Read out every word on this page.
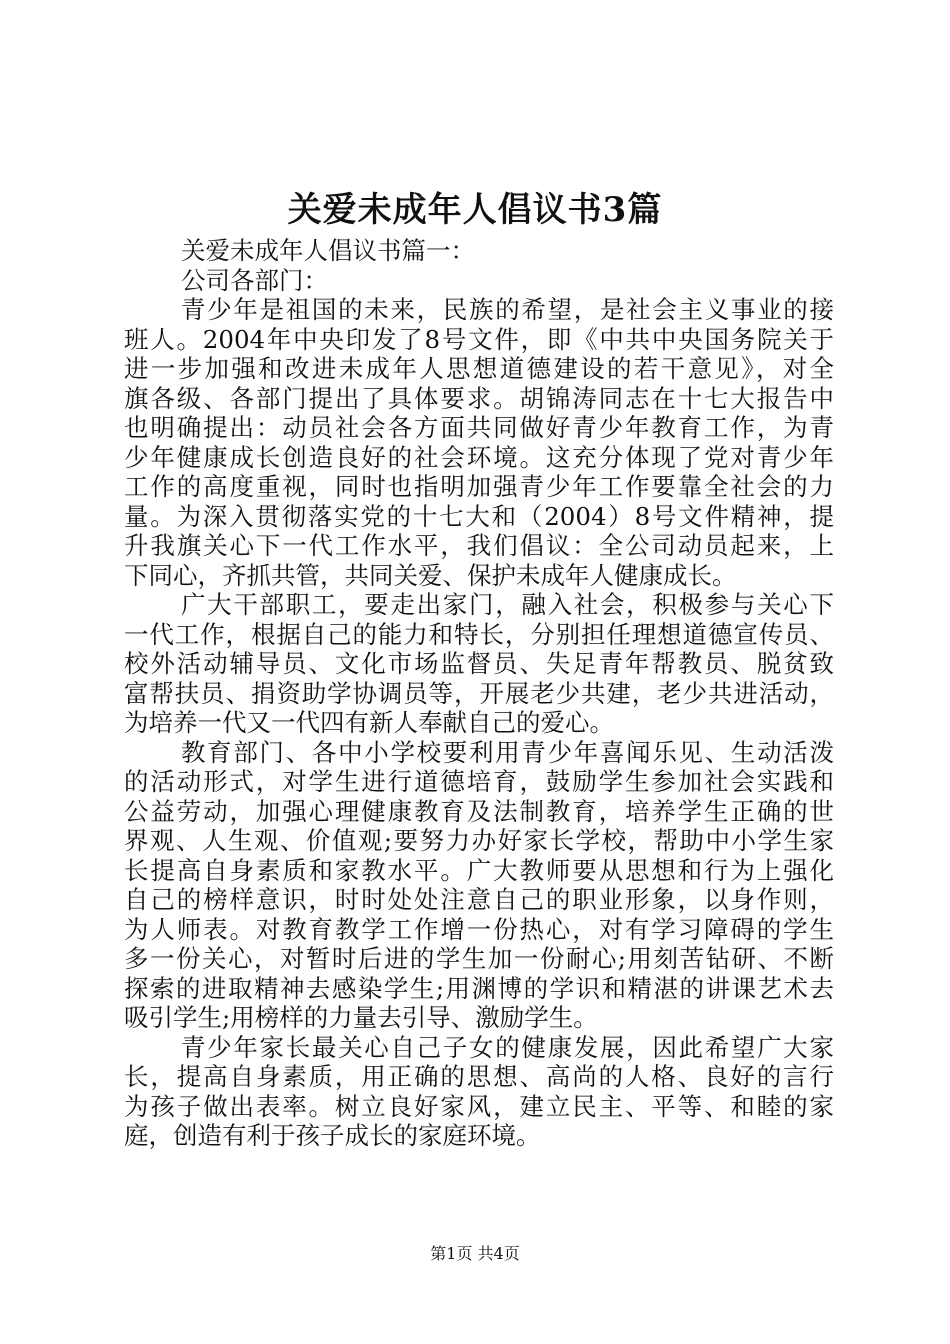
关爱未成年人倡议书3篇
关爱未成年人倡议书篇一：
公司各部门：
青少年是祖国的未来，民族的希望，是社会主义事业的接
班人。2004年中央印发了8号文件，即《中共中央国务院关于
进一步加强和改进未成年人思想道德建设的若干意见》，对全
旗各级、各部门提出了具体要求。胡锦涛同志在十七大报告中
也明确提出：动员社会各方面共同做好青少年教育工作，为青
少年健康成长创造良好的社会环境。这充分体现了党对青少年
工作的高度重视，同时也指明加强青少年工作要靠全社会的力
量。为深入贯彻落实党的十七大和（2004）8号文件精神，提
升我旗关心下一代工作水平，我们倡议：全公司动员起来，上
下同心，齐抓共管，共同关爱、保护未成年人健康成长。
广大干部职工，要走出家门，融入社会，积极参与关心下
一代工作，根据自己的能力和特长，分别担任理想道德宣传员、
校外活动辅导员、文化市场监督员、失足青年帮教员、脱贫致
富帮扶员、捐资助学协调员等，开展老少共建，老少共进活动，
为培养一代又一代四有新人奉献自己的爱心。
教育部门、各中小学校要利用青少年喜闻乐见、生动活泼
的活动形式，对学生进行道德培育，鼓励学生参加社会实践和
公益劳动，加强心理健康教育及法制教育，培养学生正确的世
界观、人生观、价值观;要努力办好家长学校，帮助中小学生家
长提高自身素质和家教水平。广大教师要从思想和行为上强化
自己的榜样意识，时时处处注意自己的职业形象，以身作则，
为人师表。对教育教学工作增一份热心，对有学习障碍的学生
多一份关心，对暂时后进的学生加一份耐心;用刻苦钻研、不断
探索的进取精神去感染学生;用渊博的学识和精湛的讲课艺术去
吸引学生;用榜样的力量去引导、激励学生。
青少年家长最关心自己子女的健康发展，因此希望广大家
长，提高自身素质，用正确的思想、高尚的人格、良好的言行
为孩子做出表率。树立良好家风，建立民主、平等、和睦的家
庭，创造有利于孩子成长的家庭环境。

第1页 共4页
